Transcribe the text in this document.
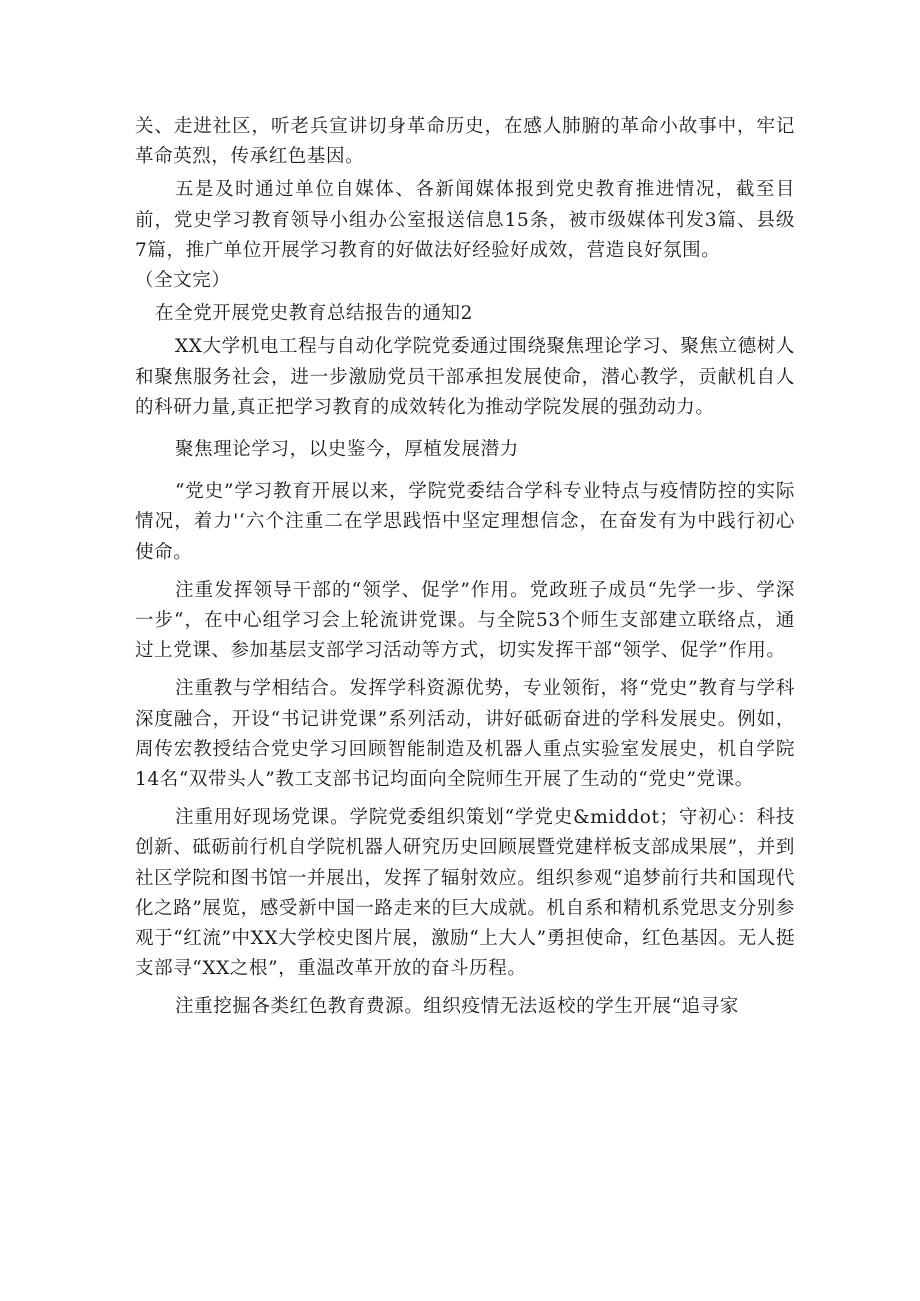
关、走进社区，听老兵宣讲切身革命历史，在感人肺腑的革命小故事中，牢记革命英烈，传承红色基因。

五是及时通过单位自媒体、各新闻媒体报到党史教育推进情况，截至目前，党史学习教育领导小组办公室报送信息15条，被市级媒体刊发3篇、县级7篇，推广单位开展学习教育的好做法好经验好成效，营造良好氛围。

（全文完）

在全党开展党史教育总结报告的通知2

XX大学机电工程与自动化学院党委通过围绕聚焦理论学习、聚焦立德树人和聚焦服务社会，进一步激励党员干部承担发展使命，潜心教学，贡献机自人的科研力量,真正把学习教育的成效转化为推动学院发展的强劲动力。

聚焦理论学习，以史鉴今，厚植发展潜力

“党史”学习教育开展以来，学院党委结合学科专业特点与疫情防控的实际情况，着力'‘六个注重二在学思践悟中坚定理想信念，在奋发有为中践行初心使命。

注重发挥领导干部的“领学、促学”作用。党政班子成员“先学一步、学深一步“，在中心组学习会上轮流讲党课。与全院53个师生支部建立联络点，通过上党课、参加基层支部学习活动等方式，切实发挥干部“领学、促学”作用。

注重教与学相结合。发挥学科资源优势，专业领衔，将“党史”教育与学科深度融合，开设“书记讲党课”系列活动，讲好砥砺奋进的学科发展史。例如，周传宏教授结合党史学习回顾智能制造及机器人重点实验室发展史，机自学院14名“双带头人”教工支部书记均面向全院师生开展了生动的“党史”党课。

注重用好现场党课。学院党委组织策划“学党史&middot；守初心：科技创新、砥砺前行机自学院机器人研究历史回顾展暨党建样板支部成果展”，并到社区学院和图书馆一并展出，发挥了辐射效应。组织参观“追梦前行共和国现代化之路”展览，感受新中国一路走来的巨大成就。机自系和精机系党思支分别参观于“红流”中XX大学校史图片展，激励“上大人”勇担使命，红色基因。无人挺支部寻“XX之根”，重温改革开放的奋斗历程。

注重挖掘各类红色教育费源。组织疫情无法返校的学生开展“追寻家
